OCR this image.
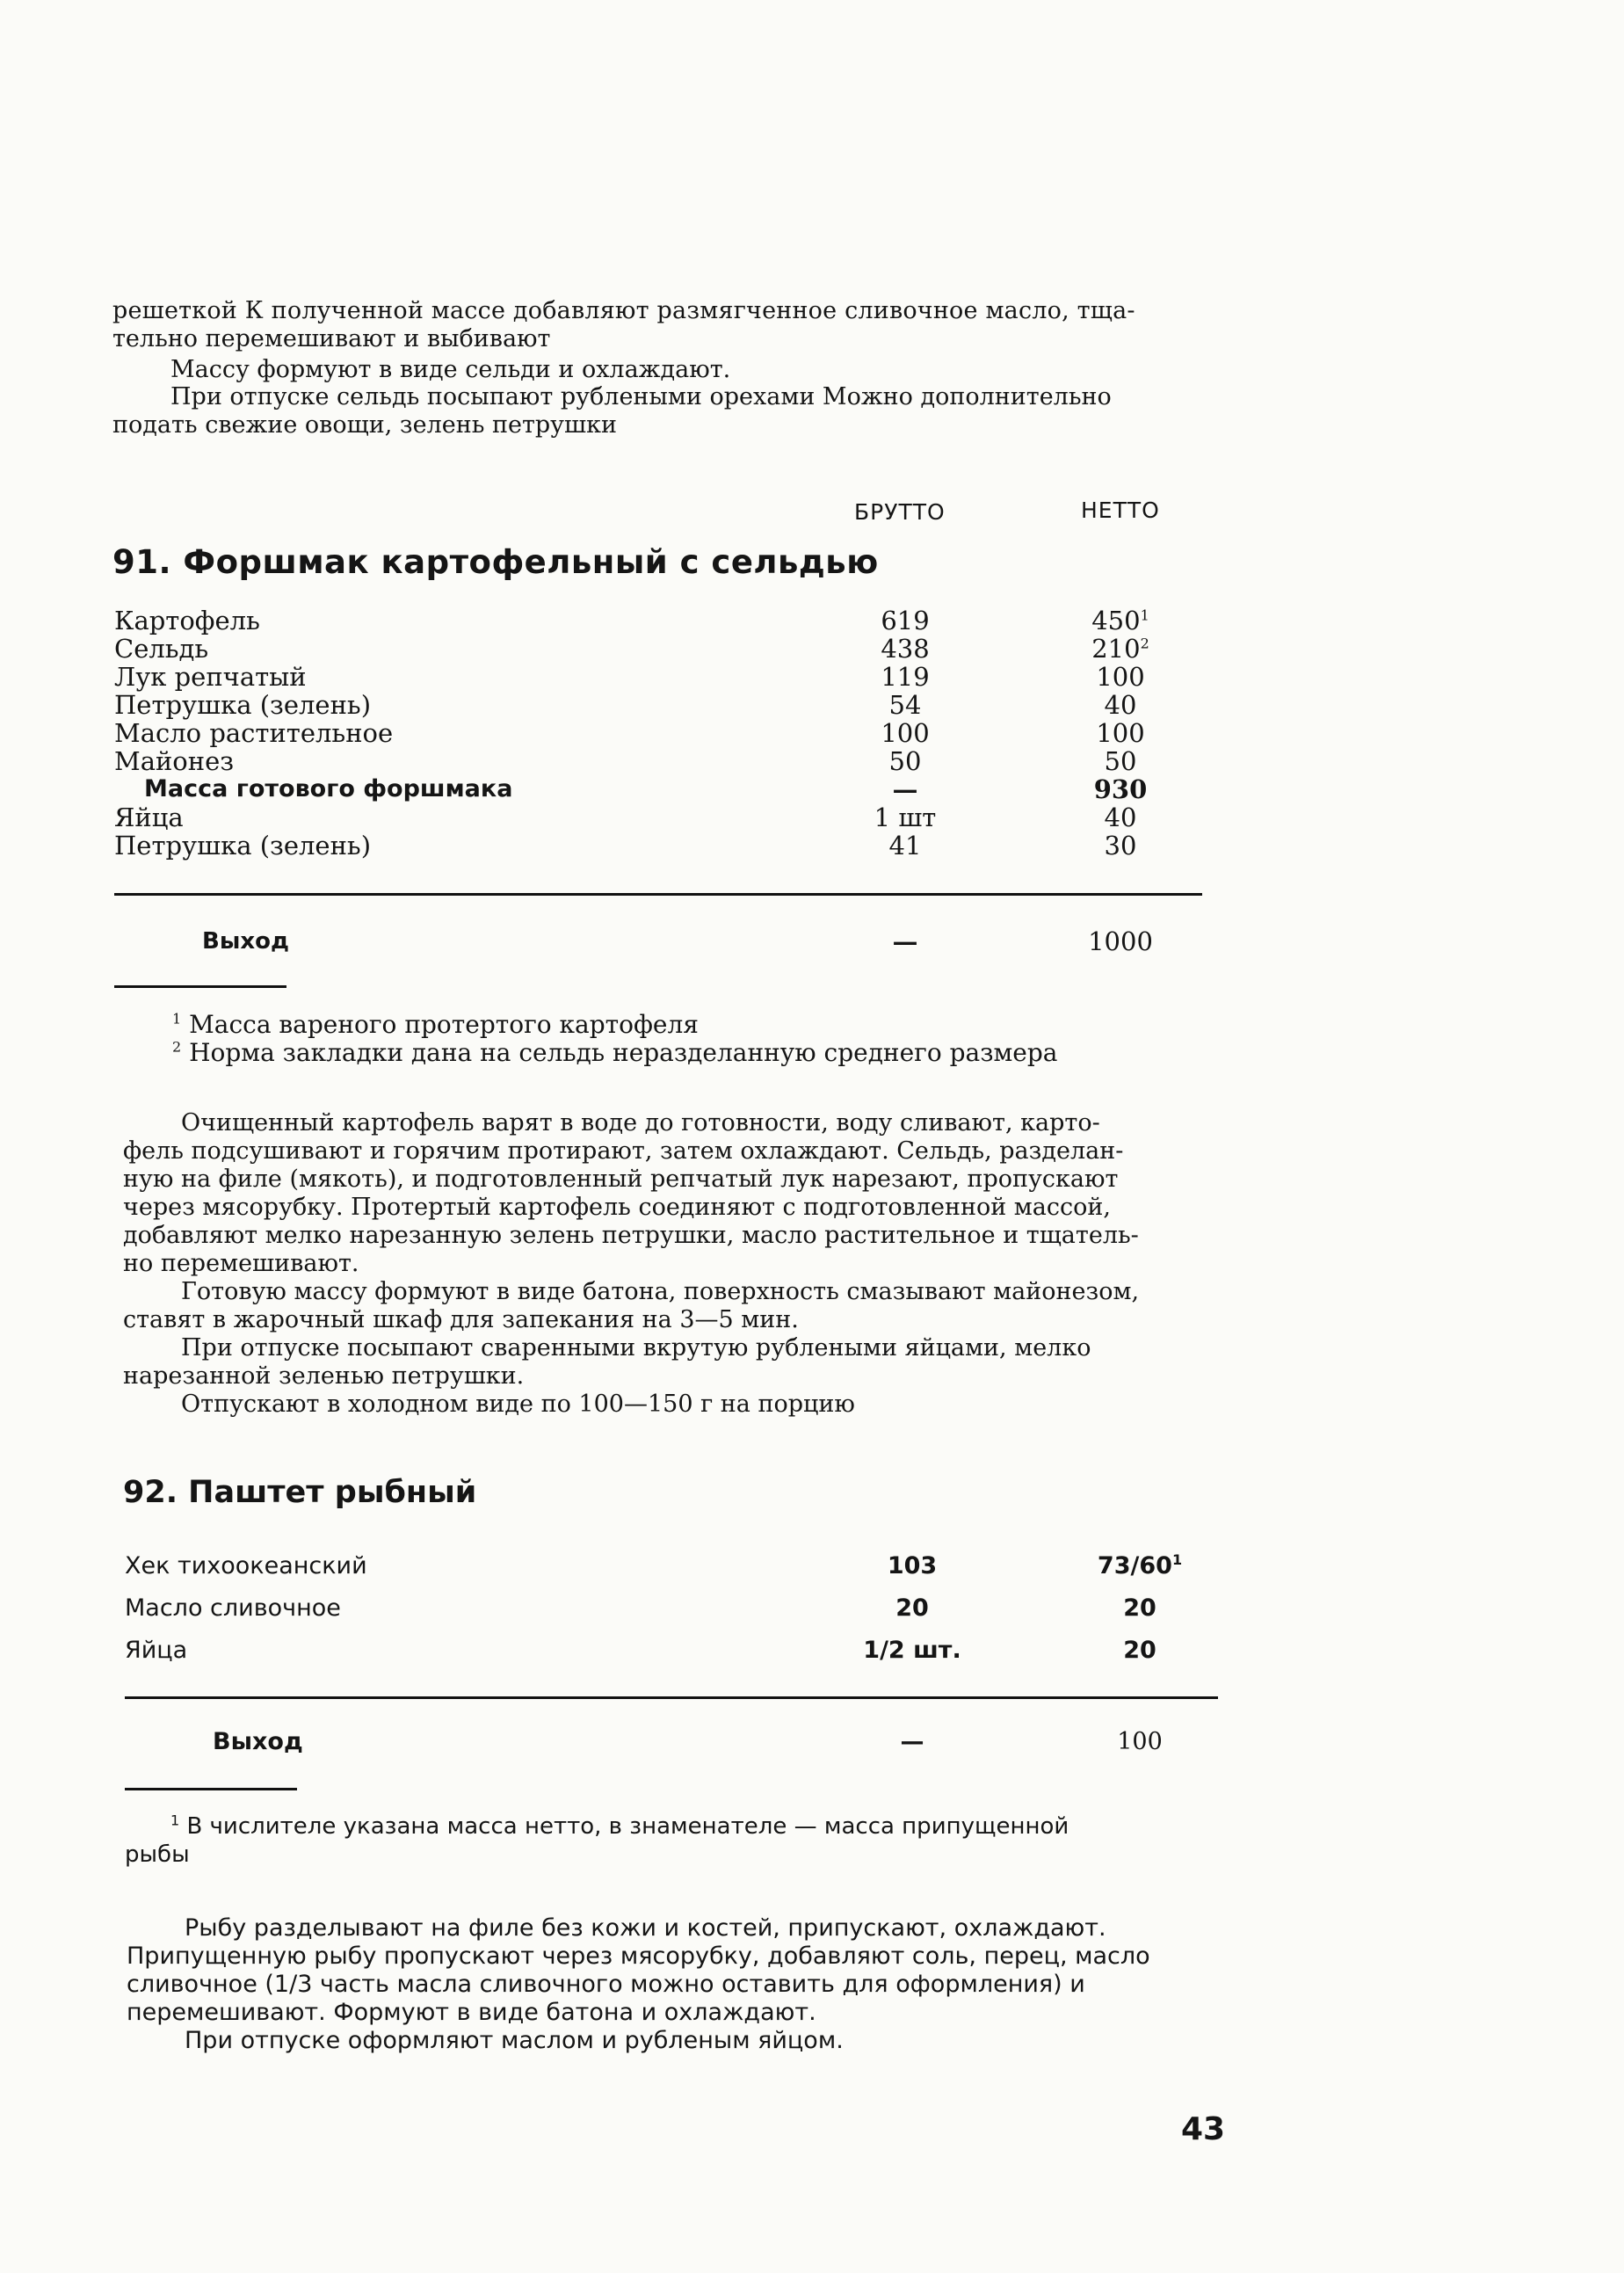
решеткой К полученной массе добавляют размягченное сливочное масло, тща-
тельно перемешивают и выбивают
Массу формуют в виде сельди и охлаждают.
При отпуске сельдь посыпают рублеными орехами Можно дополнительно
подать свежие овощи, зелень петрушки
БРУТТО	НЕТТО
91. Форшмак картофельный с сельдью
Картофель	619	$450^1$
Сельдь	438	$210^2$
Лук репчатый	119	100
Петрушка (зелень)	54	40
Масло растительное	100	100
Майонез	50	50
Масса готового форшмака	—	930
Яйца	1 шт	40
Петрушка (зелень)	41	30
Выход	—	1000
$^1$ Масса вареного протертого картофеля
$^2$ Норма закладки дана на сельдь неразделанную среднего размера
Очищенный картофель варят в воде до готовности, воду сливают, карто-
фель подсушивают и горячим протирают, затем охлаждают. Сельдь, разделан-
ную на филе (мякоть), и подготовленный репчатый лук нарезают, пропускают
через мясорубку. Протертый картофель соединяют с подготовленной массой,
добавляют мелко нарезанную зелень петрушки, масло растительное и тщатель-
но перемешивают.
Готовую массу формуют в виде батона, поверхность смазывают майонезом,
ставят в жарочный шкаф для запекания на 3—5 мин.
При отпуске посыпают сваренными вкрутую рублеными яйцами, мелко
нарезанной зеленью петрушки.
Отпускают в холодном виде по 100—150 г на порцию
92. Паштет рыбный
Хек тихоокеанский	103	$73/60^1$
Масло сливочное	20	20
Яйца	1/2 шт.	20
Выход	—	100
$^1$ В числителе указана масса нетто, в знаменателе — масса припущенной
рыбы
Рыбу разделывают на филе без кожи и костей, припускают, охлаждают.
Припущенную рыбу пропускают через мясорубку, добавляют соль, перец, масло
сливочное (1/3 часть масла сливочного можно оставить для оформления) и
перемешивают. Формуют в виде батона и охлаждают.
При отпуске оформляют маслом и рубленым яйцом.
43
